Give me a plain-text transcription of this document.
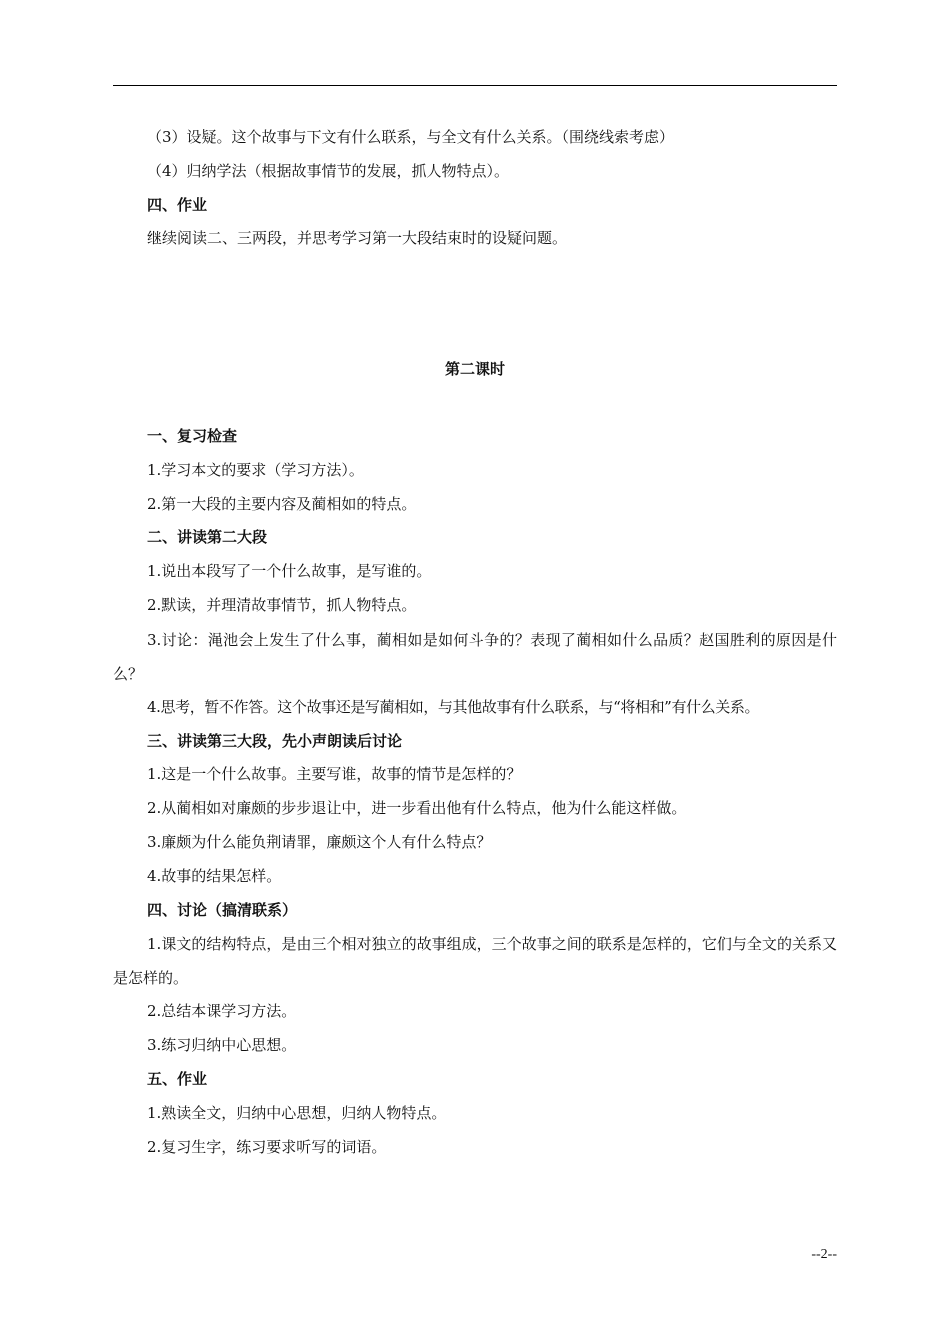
（3）设疑。这个故事与下文有什么联系，与全文有什么关系。（围绕线索考虑）

（4）归纳学法（根据故事情节的发展，抓人物特点）。

四、作业

继续阅读二、三两段，并思考学习第一大段结束时的设疑问题。

第二课时

一、复习检查

1.学习本文的要求（学习方法）。

2.第一大段的主要内容及蔺相如的特点。

二、讲读第二大段

1.说出本段写了一个什么故事，是写谁的。

2.默读，并理清故事情节，抓人物特点。

3.讨论：渑池会上发生了什么事，蔺相如是如何斗争的？表现了蔺相如什么品质？赵国胜利的原因是什么？

4.思考，暂不作答。这个故事还是写蔺相如，与其他故事有什么联系，与“将相和”有什么关系。

三、讲读第三大段，先小声朗读后讨论

1.这是一个什么故事。主要写谁，故事的情节是怎样的？

2.从蔺相如对廉颇的步步退让中，进一步看出他有什么特点，他为什么能这样做。

3.廉颇为什么能负荆请罪，廉颇这个人有什么特点？

4.故事的结果怎样。

四、讨论（搞清联系）

1.课文的结构特点，是由三个相对独立的故事组成，三个故事之间的联系是怎样的，它们与全文的关系又是怎样的。

2.总结本课学习方法。

3.练习归纳中心思想。

五、作业

1.熟读全文，归纳中心思想，归纳人物特点。

2.复习生字，练习要求听写的词语。

--2--
